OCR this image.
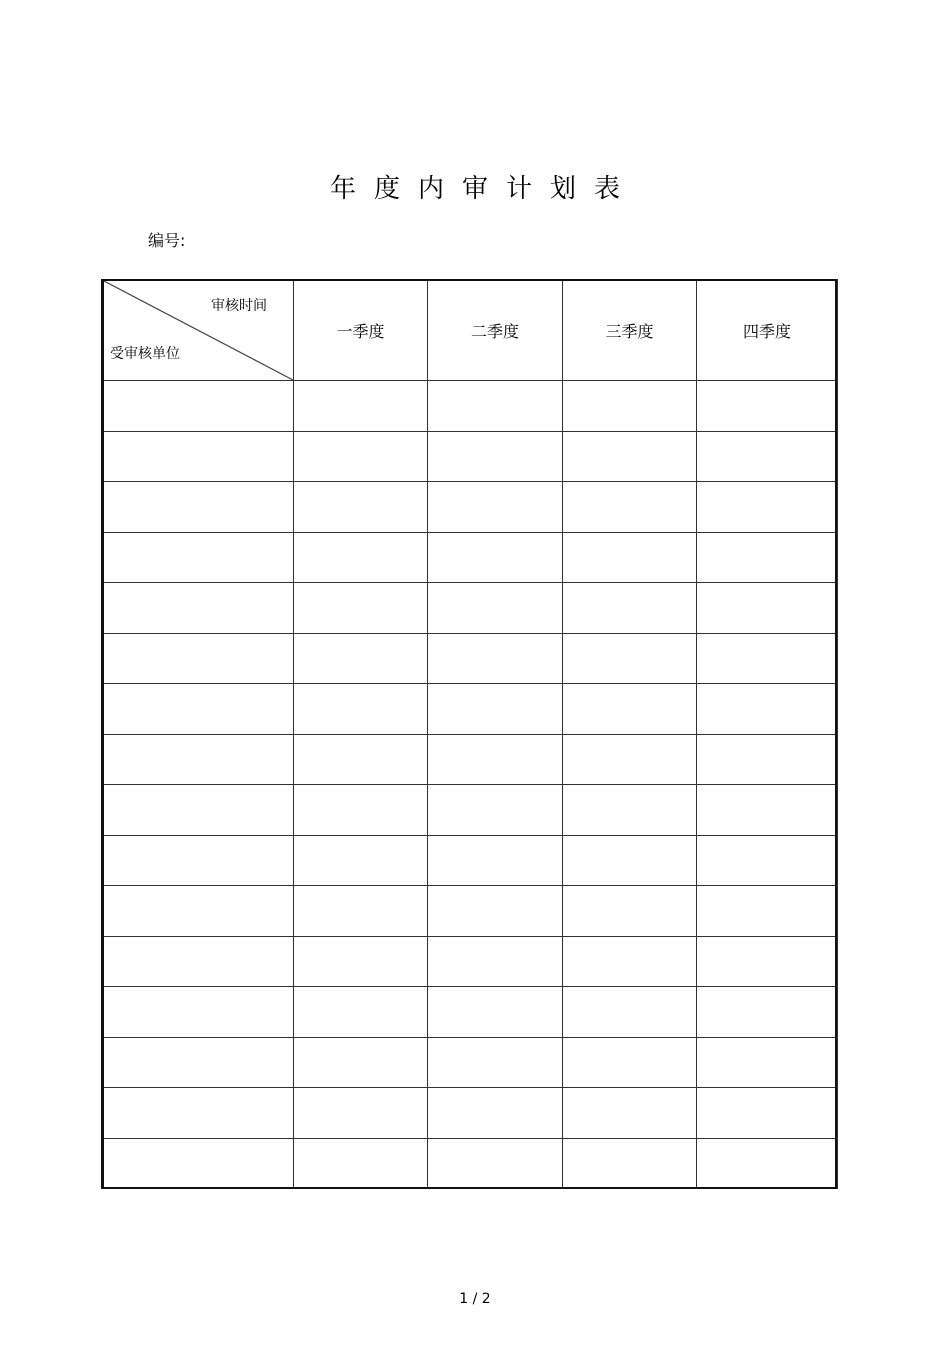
年度内审计划表
编号:
审核时间
受审核单位	一季度	二季度	三季度	四季度

1 / 2
